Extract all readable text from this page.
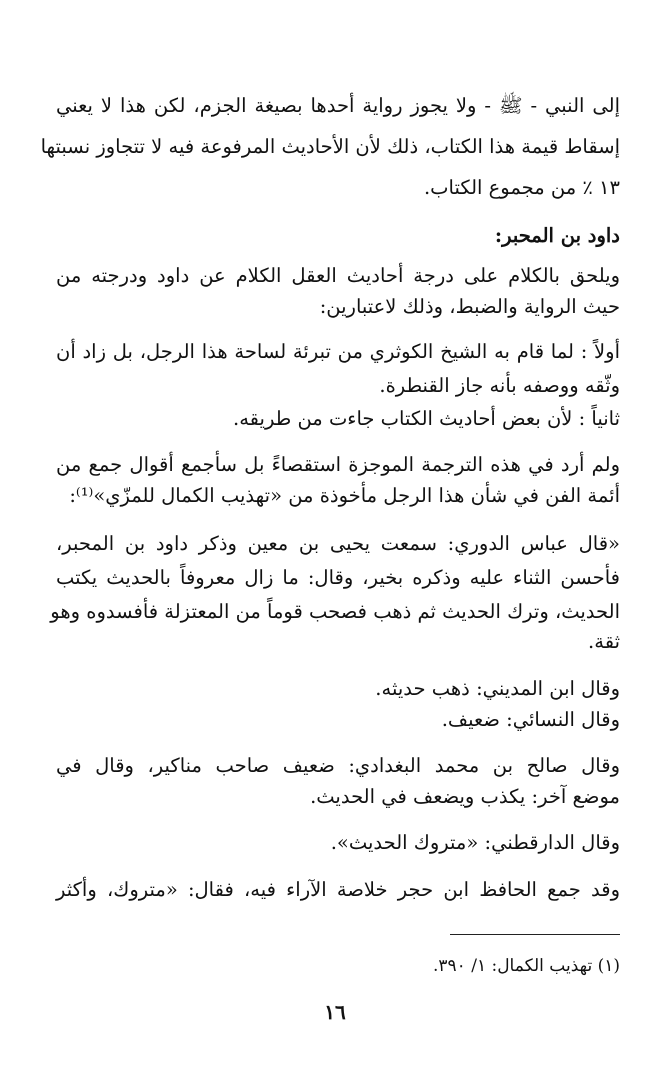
إلى النبي - ﷺ - ولا يجوز رواية أحدها بصيغة الجزم، لكن هذا لا يعني
إسقاط قيمة هذا الكتاب، ذلك لأن الأحاديث المرفوعة فيه لا تتجاوز نسبتها
١٣ ٪ من مجموع الكتاب.
داود بن المحبر:
ويلحق بالكلام على درجة أحاديث العقل الكلام عن داود ودرجته من
حيث الرواية والضبط، وذلك لاعتبارين:
أولاً : لما قام به الشيخ الكوثري من تبرئة لساحة هذا الرجل، بل زاد أن
وثّقه ووصفه بأنه جاز القنطرة.
ثانياً : لأن بعض أحاديث الكتاب جاءت من طريقه.
ولم أرد في هذه الترجمة الموجزة استقصاءً بل سأجمع أقوال جمع من
أئمة الفن في شأن هذا الرجل مأخوذة من «تهذيب الكمال للمزّي»⁽¹⁾:
«قال عباس الدوري: سمعت يحيى بن معين وذكر داود بن المحبر،
فأحسن الثناء عليه وذكره بخير، وقال: ما زال معروفاً بالحديث يكتب
الحديث، وترك الحديث ثم ذهب فصحب قوماً من المعتزلة فأفسدوه وهو
ثقة.
وقال ابن المديني: ذهب حديثه.
وقال النسائي: ضعيف.
وقال صالح بن محمد البغدادي: ضعيف صاحب مناكير، وقال في
موضع آخر: يكذب ويضعف في الحديث.
وقال الدارقطني: «متروك الحديث».
وقد جمع الحافظ ابن حجر خلاصة الآراء فيه، فقال: «متروك، وأكثر
(١) تهذيب الكمال: ١/ ٣٩٠.
١٦
